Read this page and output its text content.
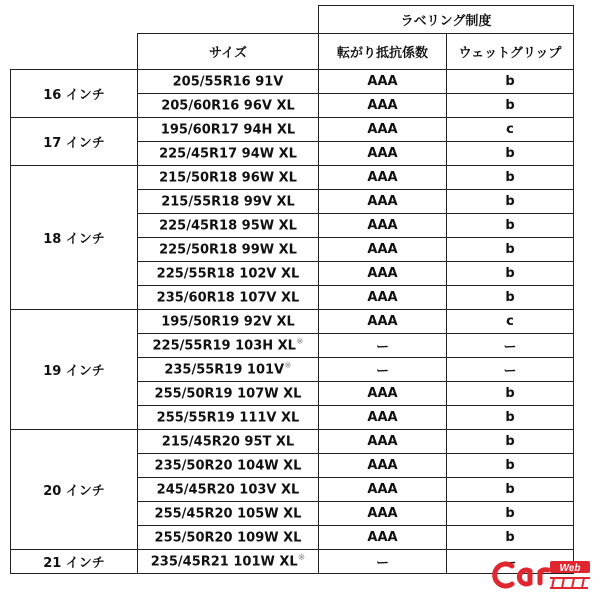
		ラベリング制度	
	サイズ	転がり抵抗係数	ウェットグリップ
16 インチ	205/55R16 91V	AAA	b
	205/60R16 96V XL	AAA	b
17 インチ	195/60R17 94H XL	AAA	c
	225/45R17 94W XL	AAA	b
18 インチ	215/50R18 96W XL	AAA	b
	215/55R18 99V XL	AAA	b
	225/45R18 95W XL	AAA	b
	225/50R18 99W XL	AAA	b
	225/55R18 102V XL	AAA	b
	235/60R18 107V XL	AAA	b
19 インチ	195/50R19 92V XL	AAA	c
	225/55R19 103H XL※	ー	ー
	235/55R19 101V※	ー	ー
	255/50R19 107W XL	AAA	b
	255/55R19 111V XL	AAA	b
20 インチ	215/45R20 95T XL	AAA	b
	235/50R20 104W XL	AAA	b
	245/45R20 103V XL	AAA	b
	255/45R20 105W XL	AAA	b
	255/50R20 109W XL	AAA	b
21 インチ	235/45R21 101W XL※	ー	ー	Web
